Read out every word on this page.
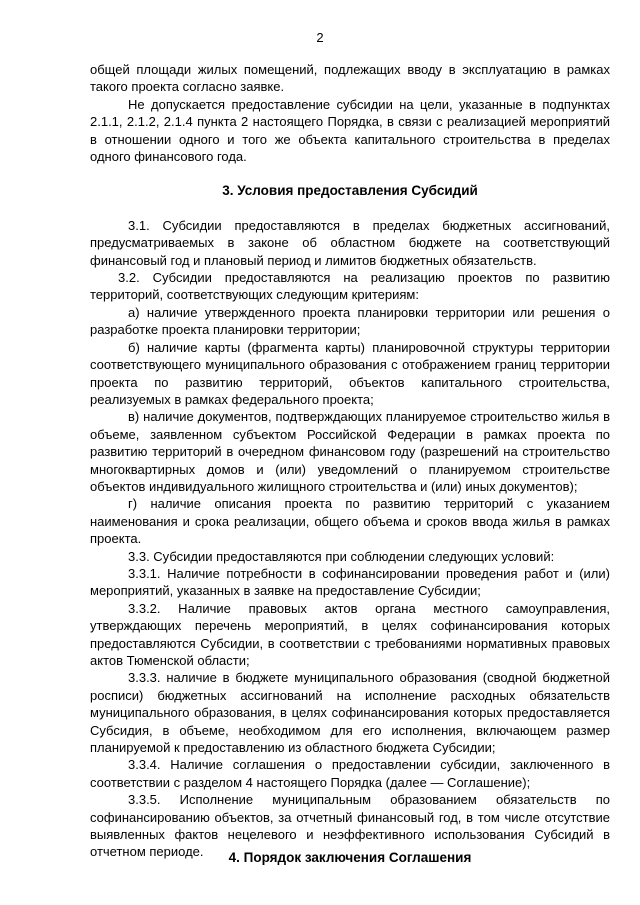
2

общей площади жилых помещений, подлежащих вводу в эксплуатацию в рамках такого проекта согласно заявке.

Не допускается предоставление субсидии на цели, указанные в подпунктах 2.1.1, 2.1.2, 2.1.4 пункта 2 настоящего Порядка, в связи с реализацией мероприятий в отношении одного и того же объекта капитального строительства в пределах одного финансового года.

3. Условия предоставления Субсидий

3.1. Субсидии предоставляются в пределах бюджетных ассигнований, предусматриваемых в законе об областном бюджете на соответствующий финансовый год и плановый период и лимитов бюджетных обязательств.

3.2. Субсидии предоставляются на реализацию проектов по развитию территорий, соответствующих следующим критериям:

а) наличие утвержденного проекта планировки территории или решения о разработке проекта планировки территории;

б) наличие карты (фрагмента карты) планировочной структуры территории соответствующего муниципального образования с отображением границ территории проекта по развитию территорий, объектов капитального строительства, реализуемых в рамках федерального проекта;

в) наличие документов, подтверждающих планируемое строительство жилья в объеме, заявленном субъектом Российской Федерации в рамках проекта по развитию территорий в очередном финансовом году (разрешений на строительство многоквартирных домов и (или) уведомлений о планируемом строительстве объектов индивидуального жилищного строительства и (или) иных документов);

г) наличие описания проекта по развитию территорий с указанием наименования и срока реализации, общего объема и сроков ввода жилья в рамках проекта.

3.3. Субсидии предоставляются при соблюдении следующих условий:

3.3.1. Наличие потребности в софинансировании проведения работ и (или) мероприятий, указанных в заявке на предоставление Субсидии;

3.3.2. Наличие правовых актов органа местного самоуправления, утверждающих перечень мероприятий, в целях софинансирования которых предоставляются Субсидии, в соответствии с требованиями нормативных правовых актов Тюменской области;

3.3.3. наличие в бюджете муниципального образования (сводной бюджетной росписи) бюджетных ассигнований на исполнение расходных обязательств муниципального образования, в целях софинансирования которых предоставляется Субсидия, в объеме, необходимом для его исполнения, включающем размер планируемой к предоставлению из областного бюджета Субсидии;

3.3.4. Наличие соглашения о предоставлении субсидии, заключенного в соответствии с разделом 4 настоящего Порядка (далее — Соглашение);

3.3.5. Исполнение муниципальным образованием обязательств по софинансированию объектов, за отчетный финансовый год, в том числе отсутствие выявленных фактов нецелевого и неэффективного использования Субсидий в отчетном периоде.	4. Порядок заключения Соглашения
